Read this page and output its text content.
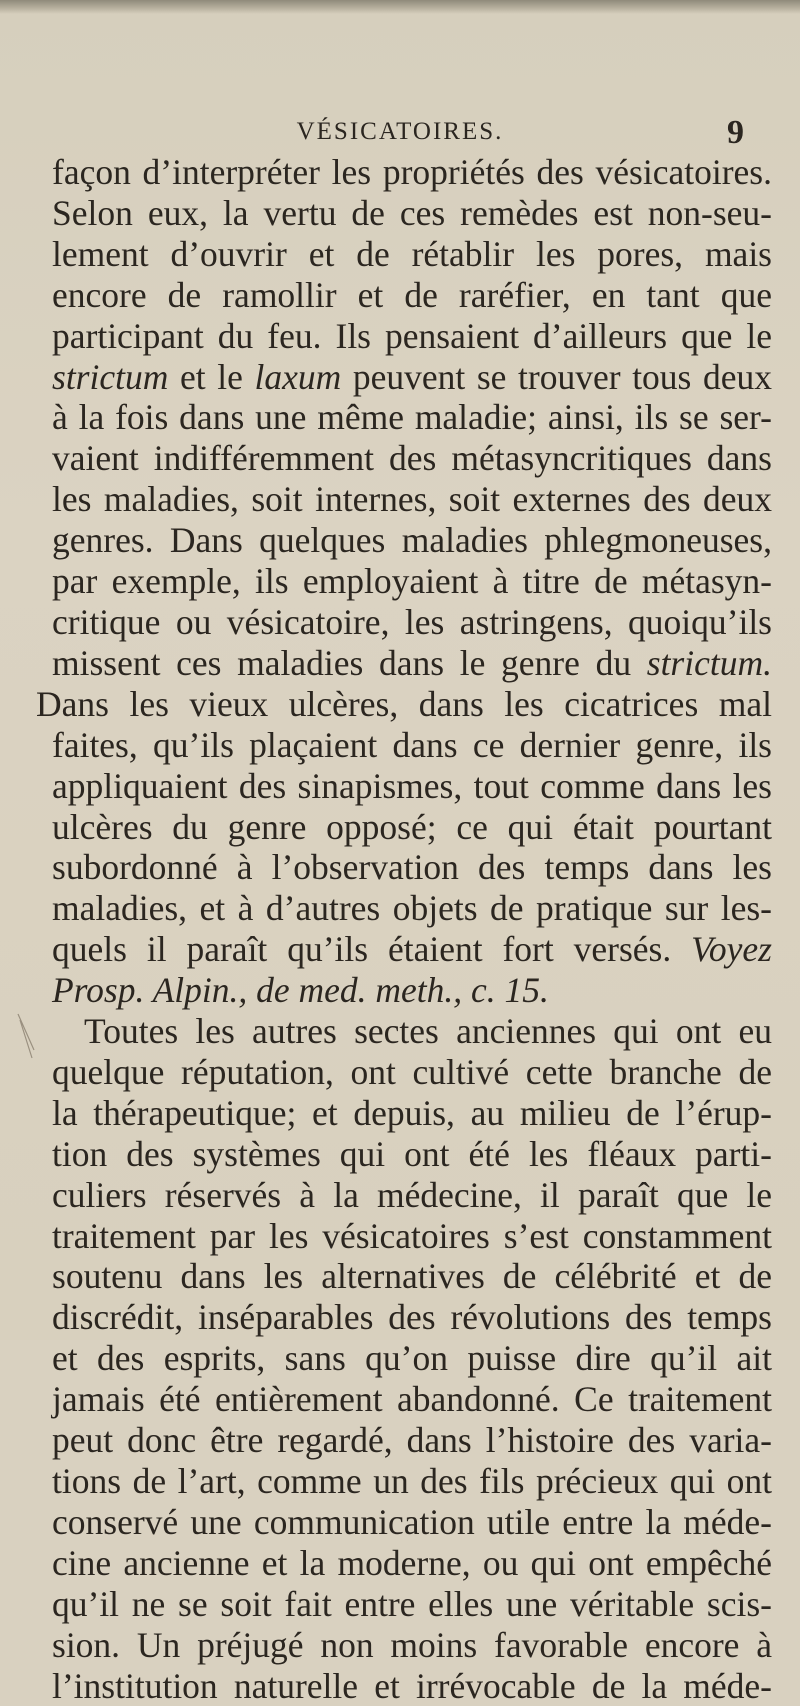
VÉSICATOIRES.	9
façon d’interpréter les propriétés des vésicatoires.
Selon eux, la vertu de ces remèdes est non-seu-
lement d’ouvrir et de rétablir les pores, mais
encore de ramollir et de raréfier, en tant que
participant du feu. Ils pensaient d’ailleurs que le
strictum et le laxum peuvent se trouver tous deux
à la fois dans une même maladie; ainsi, ils se ser-
vaient indifféremment des métasyncritiques dans
les maladies, soit internes, soit externes des deux
genres. Dans quelques maladies phlegmoneuses,
par exemple, ils employaient à titre de métasyn-
critique ou vésicatoire, les astringens, quoiqu’ils
missent ces maladies dans le genre du strictum.
Dans les vieux ulcères, dans les cicatrices mal
faites, qu’ils plaçaient dans ce dernier genre, ils
appliquaient des sinapismes, tout comme dans les
ulcères du genre opposé; ce qui était pourtant
subordonné à l’observation des temps dans les
maladies, et à d’autres objets de pratique sur les-
quels il paraît qu’ils étaient fort versés. Voyez
Prosp. Alpin., de med. meth., c. 15.
Toutes les autres sectes anciennes qui ont eu
quelque réputation, ont cultivé cette branche de
la thérapeutique; et depuis, au milieu de l’érup-
tion des systèmes qui ont été les fléaux parti-
culiers réservés à la médecine, il paraît que le
traitement par les vésicatoires s’est constamment
soutenu dans les alternatives de célébrité et de
discrédit, inséparables des révolutions des temps
et des esprits, sans qu’on puisse dire qu’il ait
jamais été entièrement abandonné. Ce traitement
peut donc être regardé, dans l’histoire des varia-
tions de l’art, comme un des fils précieux qui ont
conservé une communication utile entre la méde-
cine ancienne et la moderne, ou qui ont empêché
qu’il ne se soit fait entre elles une véritable scis-
sion. Un préjugé non moins favorable encore à
l’institution naturelle et irrévocable de la méde-
